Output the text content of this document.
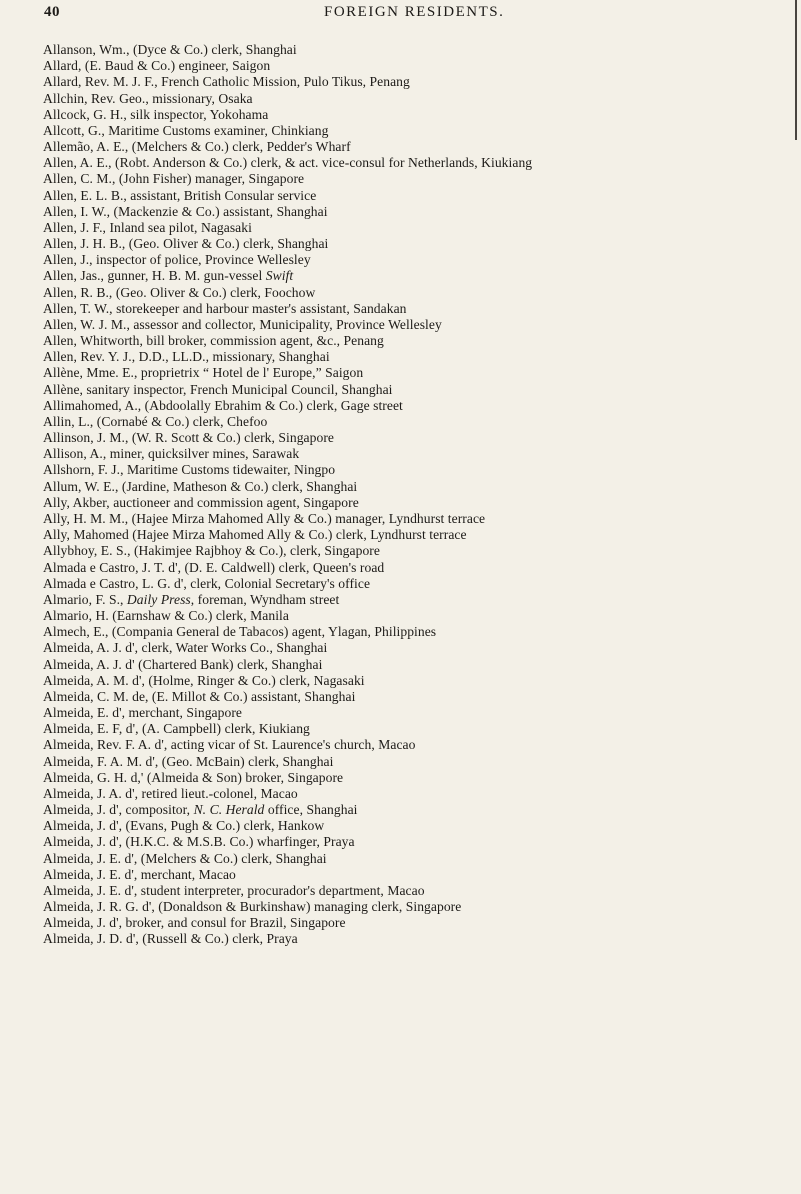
40	FOREIGN RESIDENTS.
Allanson, Wm., (Dyce & Co.) clerk, Shanghai
Allard, (E. Baud & Co.) engineer, Saigon
Allard, Rev. M. J. F., French Catholic Mission, Pulo Tikus, Penang
Allchin, Rev. Geo., missionary, Osaka
Allcock, G. H., silk inspector, Yokohama
Allcott, G., Maritime Customs examiner, Chinkiang
Allemão, A. E., (Melchers & Co.) clerk, Pedder's Wharf
Allen, A. E., (Robt. Anderson & Co.) clerk, & act. vice-consul for Netherlands, Kiukiang
Allen, C. M., (John Fisher) manager, Singapore
Allen, E. L. B., assistant, British Consular service
Allen, I. W., (Mackenzie & Co.) assistant, Shanghai
Allen, J. F., Inland sea pilot, Nagasaki
Allen, J. H. B., (Geo. Oliver & Co.) clerk, Shanghai
Allen, J., inspector of police, Province Wellesley
Allen, Jas., gunner, H. B. M. gun-vessel Swift
Allen, R. B., (Geo. Oliver & Co.) clerk, Foochow
Allen, T. W., storekeeper and harbour master's assistant, Sandakan
Allen, W. J. M., assessor and collector, Municipality, Province Wellesley
Allen, Whitworth, bill broker, commission agent, &c., Penang
Allen, Rev. Y. J., D.D., LL.D., missionary, Shanghai
Allène, Mme. E., proprietrix “ Hotel de l' Europe,” Saigon
Allène, sanitary inspector, French Municipal Council, Shanghai
Allimahomed, A., (Abdoolally Ebrahim & Co.) clerk, Gage street
Allin, L., (Cornabé & Co.) clerk, Chefoo
Allinson, J. M., (W. R. Scott & Co.) clerk, Singapore
Allison, A., miner, quicksilver mines, Sarawak
Allshorn, F. J., Maritime Customs tidewaiter, Ningpo
Allum, W. E., (Jardine, Matheson & Co.) clerk, Shanghai
Ally, Akber, auctioneer and commission agent, Singapore
Ally, H. M. M., (Hajee Mirza Mahomed Ally & Co.) manager, Lyndhurst terrace
Ally, Mahomed (Hajee Mirza Mahomed Ally & Co.) clerk, Lyndhurst terrace
Allybhoy, E. S., (Hakimjee Rajbhoy & Co.), clerk, Singapore
Almada e Castro, J. T. d', (D. E. Caldwell) clerk, Queen's road
Almada e Castro, L. G. d', clerk, Colonial Secretary's office
Almario, F. S., Daily Press, foreman, Wyndham street
Almario, H. (Earnshaw & Co.) clerk, Manila
Almech, E., (Compania General de Tabacos) agent, Ylagan, Philippines
Almeida, A. J. d', clerk, Water Works Co., Shanghai
Almeida, A. J. d' (Chartered Bank) clerk, Shanghai
Almeida, A. M. d', (Holme, Ringer & Co.) clerk, Nagasaki
Almeida, C. M. de, (E. Millot & Co.) assistant, Shanghai
Almeida, E. d', merchant, Singapore
Almeida, E. F, d', (A. Campbell) clerk, Kiukiang
Almeida, Rev. F. A. d', acting vicar of St. Laurence's church, Macao
Almeida, F. A. M. d', (Geo. McBain) clerk, Shanghai
Almeida, G. H. d,' (Almeida & Son) broker, Singapore
Almeida, J. A. d', retired lieut.-colonel, Macao
Almeida, J. d', compositor, N. C. Herald office, Shanghai
Almeida, J. d', (Evans, Pugh & Co.) clerk, Hankow
Almeida, J. d', (H.K.C. & M.S.B. Co.) wharfinger, Praya
Almeida, J. E. d', (Melchers & Co.) clerk, Shanghai
Almeida, J. E. d', merchant, Macao
Almeida, J. E. d', student interpreter, procurador's department, Macao
Almeida, J. R. G. d', (Donaldson & Burkinshaw) managing clerk, Singapore
Almeida, J. d', broker, and consul for Brazil, Singapore
Almeida, J. D. d', (Russell & Co.) clerk, Praya
